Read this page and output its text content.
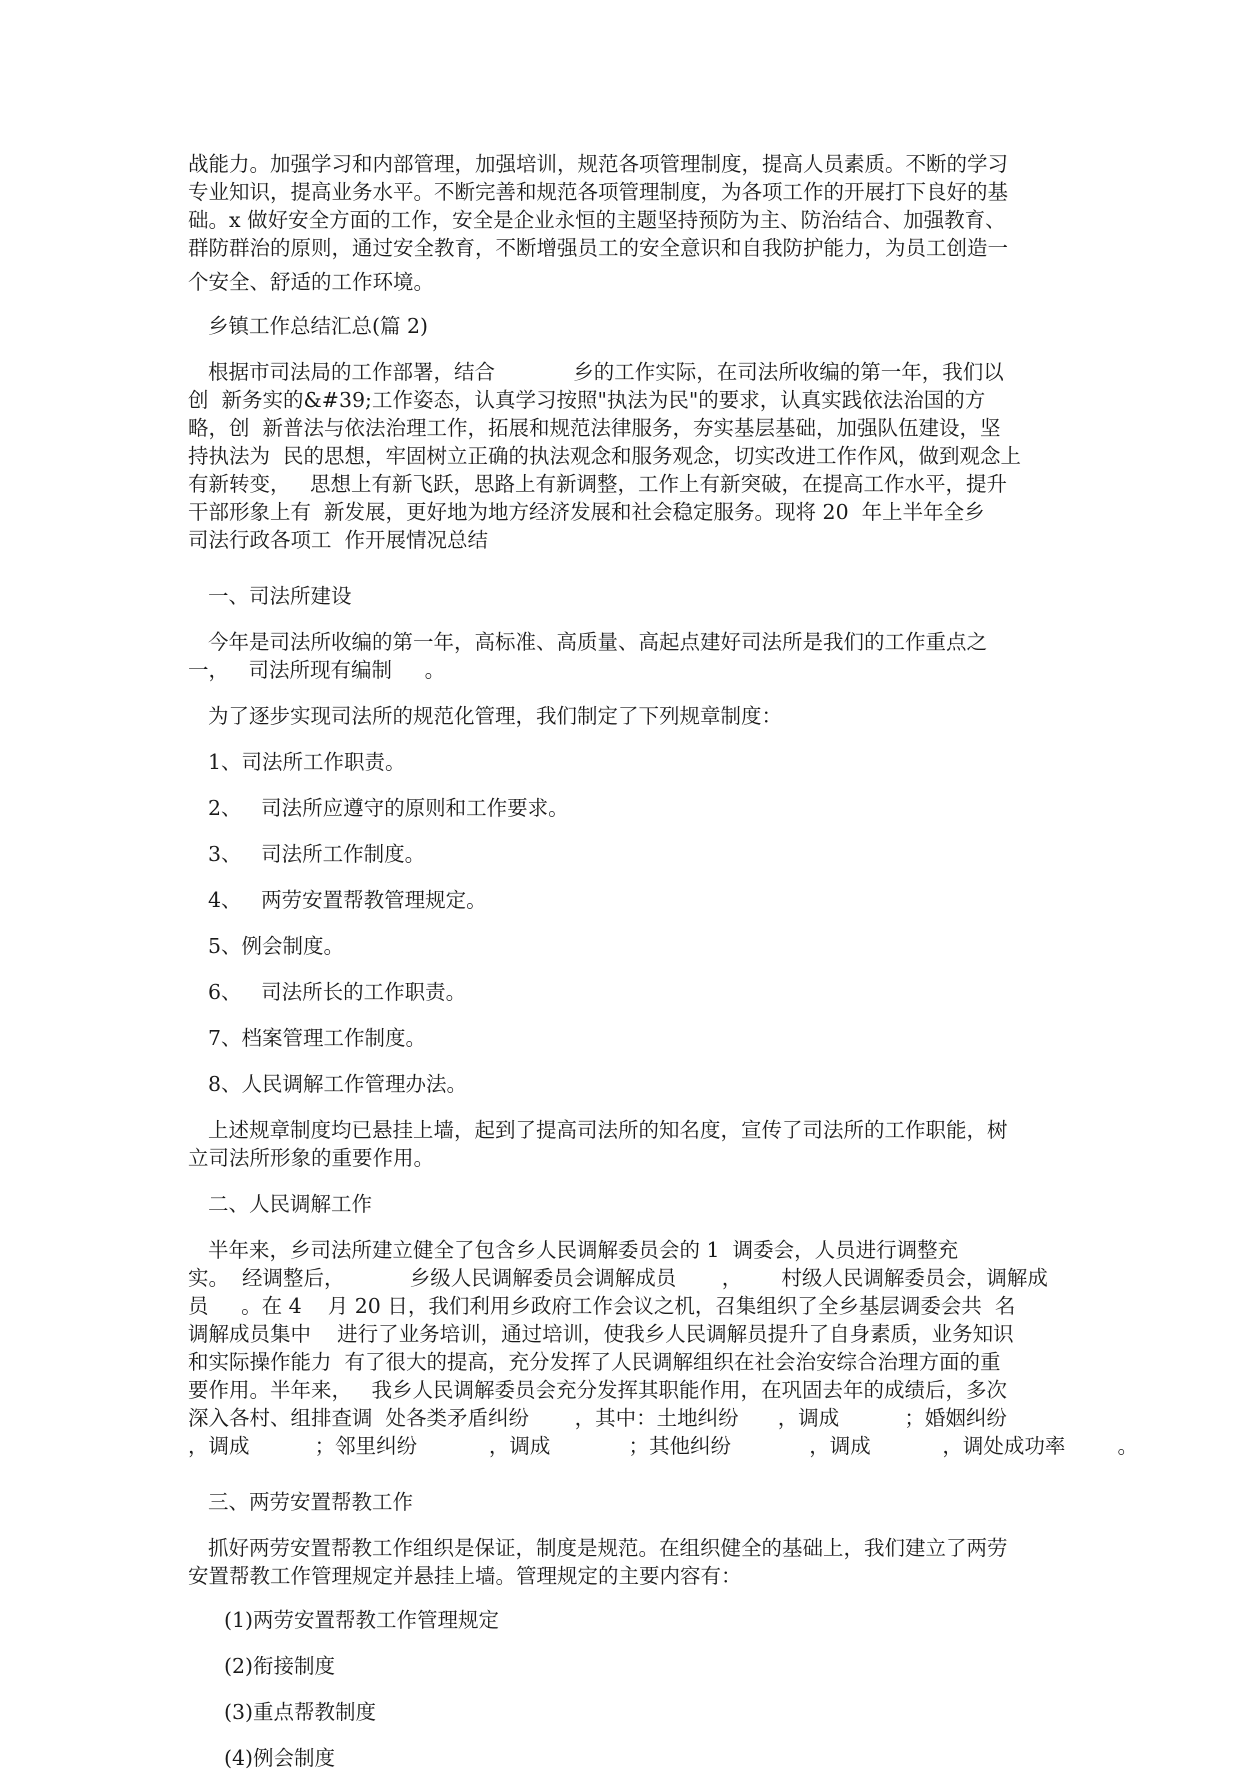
战能力。加强学习和内部管理，加强培训，规范各项管理制度，提高人员素质。不断的学习
专业知识，提高业务水平。不断完善和规范各项管理制度，为各项工作的开展打下良好的基
础。x 做好安全方面的工作，安全是企业永恒的主题坚持预防为主、防治结合、加强教育、
群防群治的原则，通过安全教育，不断增强员工的安全意识和自我防护能力，为员工创造一
个安全、舒适的工作环境。
乡镇工作总结汇总(篇 2)
根据市司法局的工作部署，结合            乡的工作实际，在司法所收编的第一年，我们以
创  新务实的&#39;工作姿态，认真学习按照"执法为民"的要求，认真实践依法治国的方
略，创  新普法与依法治理工作，拓展和规范法律服务，夯实基层基础，加强队伍建设，坚
持执法为  民的思想，牢固树立正确的执法观念和服务观念，切实改进工作作风，做到观念上
有新转变，   思想上有新飞跃，思路上有新调整，工作上有新突破，在提高工作水平，提升
干部形象上有  新发展，更好地为地方经济发展和社会稳定服务。现将 20  年上半年全乡
司法行政各项工  作开展情况总结
一、司法所建设
今年是司法所收编的第一年，高标准、高质量、高起点建好司法所是我们的工作重点之
一，   司法所现有编制     。
为了逐步实现司法所的规范化管理，我们制定了下列规章制度：
1、司法所工作职责。
2、   司法所应遵守的原则和工作要求。
3、   司法所工作制度。
4、   两劳安置帮教管理规定。
5、例会制度。
6、   司法所长的工作职责。
7、档案管理工作制度。
8、人民调解工作管理办法。
上述规章制度均已悬挂上墙，起到了提高司法所的知名度，宣传了司法所的工作职能，树
立司法所形象的重要作用。
二、人民调解工作
半年来，乡司法所建立健全了包含乡人民调解委员会的 1  调委会，人员进行调整充
实。  经调整后，          乡级人民调解委员会调解成员       ，      村级人民调解委员会，调解成
员     。在 4    月 20 日，我们利用乡政府工作会议之机，召集组织了全乡基层调委会共  名
调解成员集中    进行了业务培训，通过培训，使我乡人民调解员提升了自身素质，业务知识
和实际操作能力  有了很大的提高，充分发挥了人民调解组织在社会治安综合治理方面的重
要作用。半年来，   我乡人民调解委员会充分发挥其职能作用，在巩固去年的成绩后，多次
深入各村、组排查调  处各类矛盾纠纷       ，其中：土地纠纷      ，调成          ；婚姻纠纷
，调成          ；邻里纠纷           ，调成            ；其他纠纷            ，调成           ，调处成功率        。
三、两劳安置帮教工作
抓好两劳安置帮教工作组织是保证，制度是规范。在组织健全的基础上，我们建立了两劳
安置帮教工作管理规定并悬挂上墙。管理规定的主要内容有：
(1)两劳安置帮教工作管理规定
(2)衔接制度
(3)重点帮教制度
(4)例会制度
